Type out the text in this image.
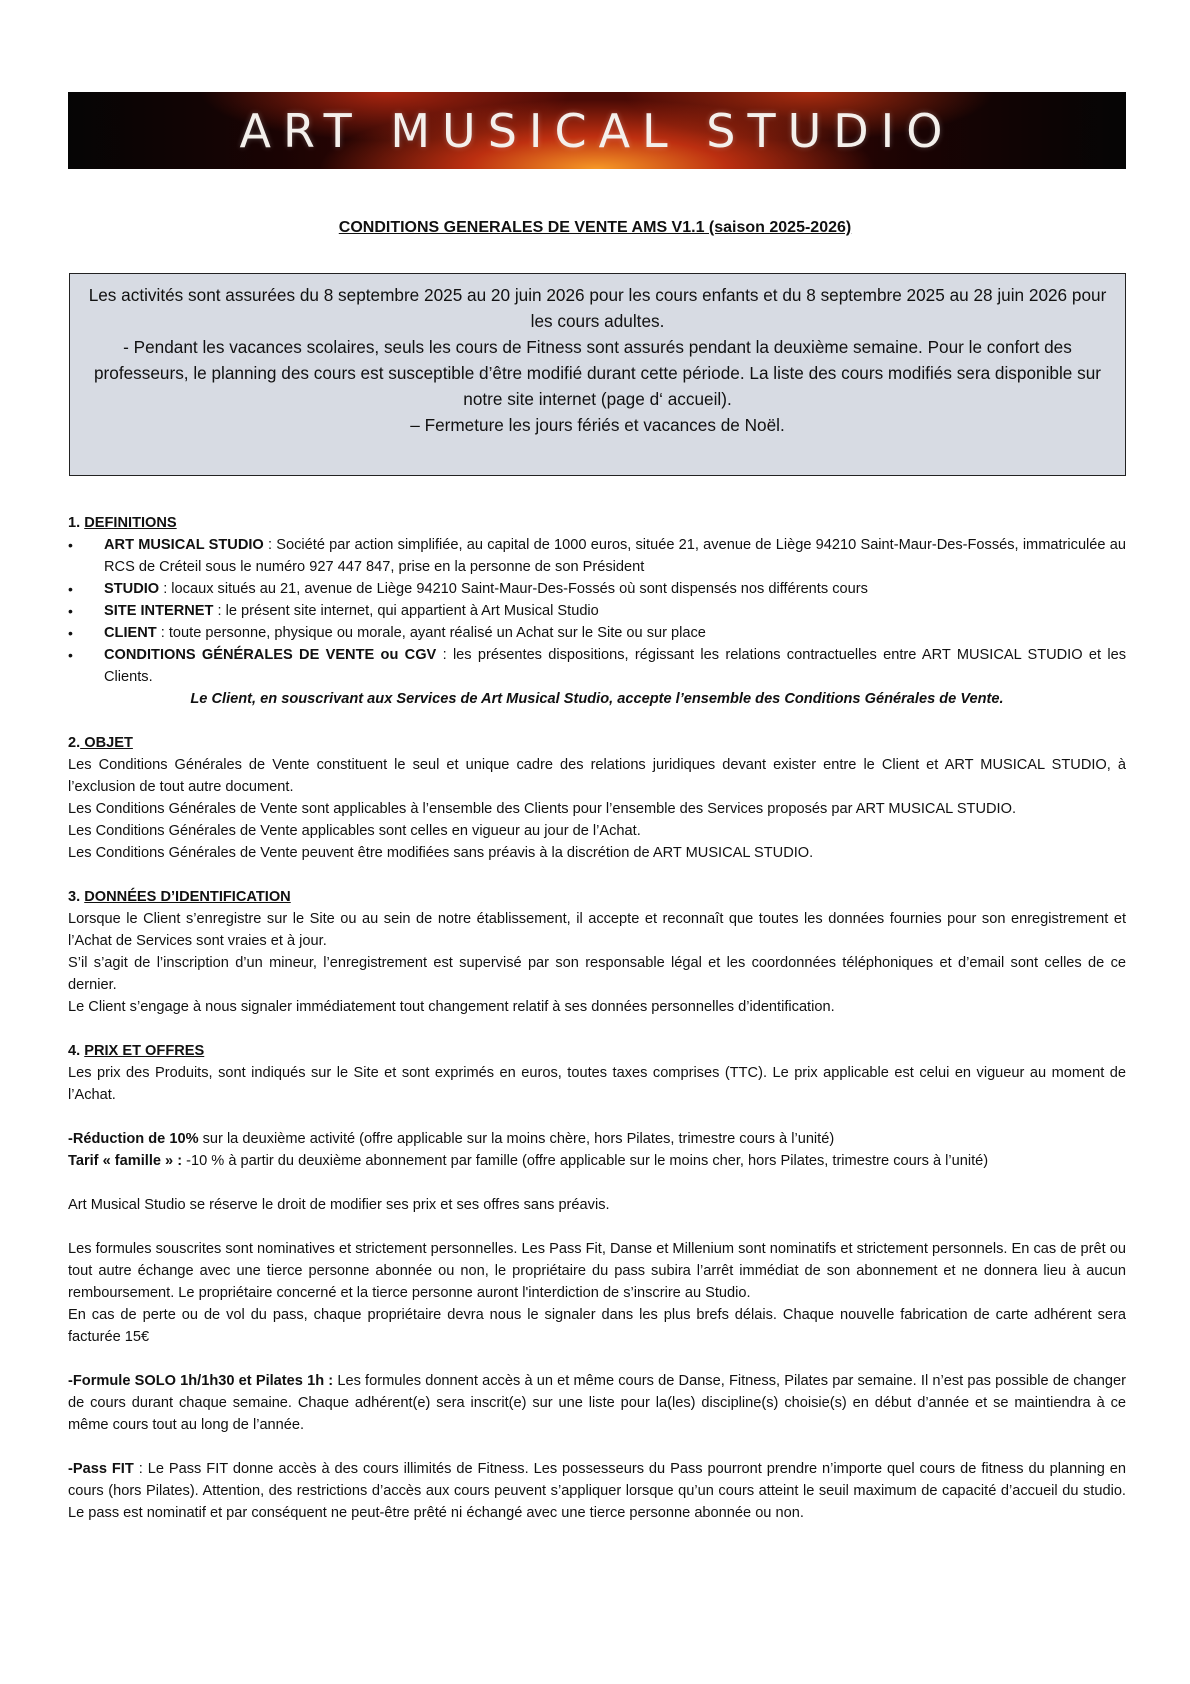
ART MUSICAL STUDIO
CONDITIONS GENERALES DE VENTE AMS V1.1 (saison 2025-2026)
Les activités sont assurées du 8 septembre 2025 au 20 juin 2026 pour les cours enfants et du 8 septembre 2025 au 28 juin 2026 pour les cours adultes.
- Pendant les vacances scolaires, seuls les cours de Fitness sont assurés pendant la deuxième semaine. Pour le confort des professeurs, le planning des cours est susceptible d’être modifié durant cette période. La liste des cours modifiés sera disponible sur notre site internet (page d‘ accueil).
– Fermeture les jours fériés et vacances de Noël.
1. DEFINITIONS
•	ART MUSICAL STUDIO : Société par action simplifiée, au capital de 1000 euros, située 21, avenue de Liège 94210 Saint-Maur-Des-Fossés, immatriculée au RCS de Créteil sous le numéro 927 447 847, prise en la personne de son Président
•	STUDIO : locaux situés au 21, avenue de Liège 94210 Saint-Maur-Des-Fossés où sont dispensés nos différents cours
•	SITE INTERNET : le présent site internet, qui appartient à Art Musical Studio
•	CLIENT : toute personne, physique ou morale, ayant réalisé un Achat sur le Site ou sur place
•	CONDITIONS GÉNÉRALES DE VENTE ou CGV : les présentes dispositions, régissant les relations contractuelles entre ART MUSICAL STUDIO et les Clients.
Le Client, en souscrivant aux Services de Art Musical Studio, accepte l’ensemble des Conditions Générales de Vente.
2. OBJET

Les Conditions Générales de Vente constituent le seul et unique cadre des relations juridiques devant exister entre le Client et ART MUSICAL STUDIO, à l’exclusion de tout autre document.

Les Conditions Générales de Vente sont applicables à l’ensemble des Clients pour l’ensemble des Services proposés par ART MUSICAL STUDIO.

Les Conditions Générales de Vente applicables sont celles en vigueur au jour de l’Achat.

Les Conditions Générales de Vente peuvent être modifiées sans préavis à la discrétion de ART MUSICAL STUDIO.

3. DONNÉES D’IDENTIFICATION

Lorsque le Client s’enregistre sur le Site ou au sein de notre établissement, il accepte et reconnaît que toutes les données fournies pour son enregistrement et l’Achat de Services sont vraies et à jour.

S’il s’agit de l’inscription d’un mineur, l’enregistrement est supervisé par son responsable légal et les coordonnées téléphoniques et d’email sont celles de ce dernier.

Le Client s’engage à nous signaler immédiatement tout changement relatif à ses données personnelles d’identification.

4. PRIX ET OFFRES

Les prix des Produits, sont indiqués sur le Site et sont exprimés en euros, toutes taxes comprises (TTC). Le prix applicable est celui en vigueur au moment de l’Achat.

-Réduction de 10% sur la deuxième activité (offre applicable sur la moins chère, hors Pilates, trimestre cours à l’unité)
Tarif « famille » : -10 % à partir du deuxième abonnement par famille (offre applicable sur le moins cher, hors Pilates, trimestre cours à l’unité)

Art Musical Studio se réserve le droit de modifier ses prix et ses offres sans préavis.

Les formules souscrites sont nominatives et strictement personnelles. Les Pass Fit, Danse et Millenium sont nominatifs et strictement personnels. En cas de prêt ou tout autre échange avec une tierce personne abonnée ou non, le propriétaire du pass subira l’arrêt immédiat de son abonnement et ne donnera lieu à aucun remboursement. Le propriétaire concerné et la tierce personne auront l'interdiction de s’inscrire au Studio.

En cas de perte ou de vol du pass, chaque propriétaire devra nous le signaler dans les plus brefs délais. Chaque nouvelle fabrication de carte adhérent sera facturée 15€

-Formule SOLO 1h/1h30 et Pilates 1h : Les formules donnent accès à un et même cours de Danse, Fitness, Pilates par semaine. Il n’est pas possible de changer de cours durant chaque semaine. Chaque adhérent(e) sera inscrit(e) sur une liste pour la(les) discipline(s) choisie(s) en début d’année et se maintiendra à ce même cours tout au long de l’année.

-Pass FIT : Le Pass FIT donne accès à des cours illimités de Fitness. Les possesseurs du Pass pourront prendre n’importe quel cours de fitness du planning en cours (hors Pilates). Attention, des restrictions d’accès aux cours peuvent s’appliquer lorsque qu’un cours atteint le seuil maximum de capacité d’accueil du studio. Le pass est nominatif et par conséquent ne peut-être prêté ni échangé avec une tierce personne abonnée ou non.
